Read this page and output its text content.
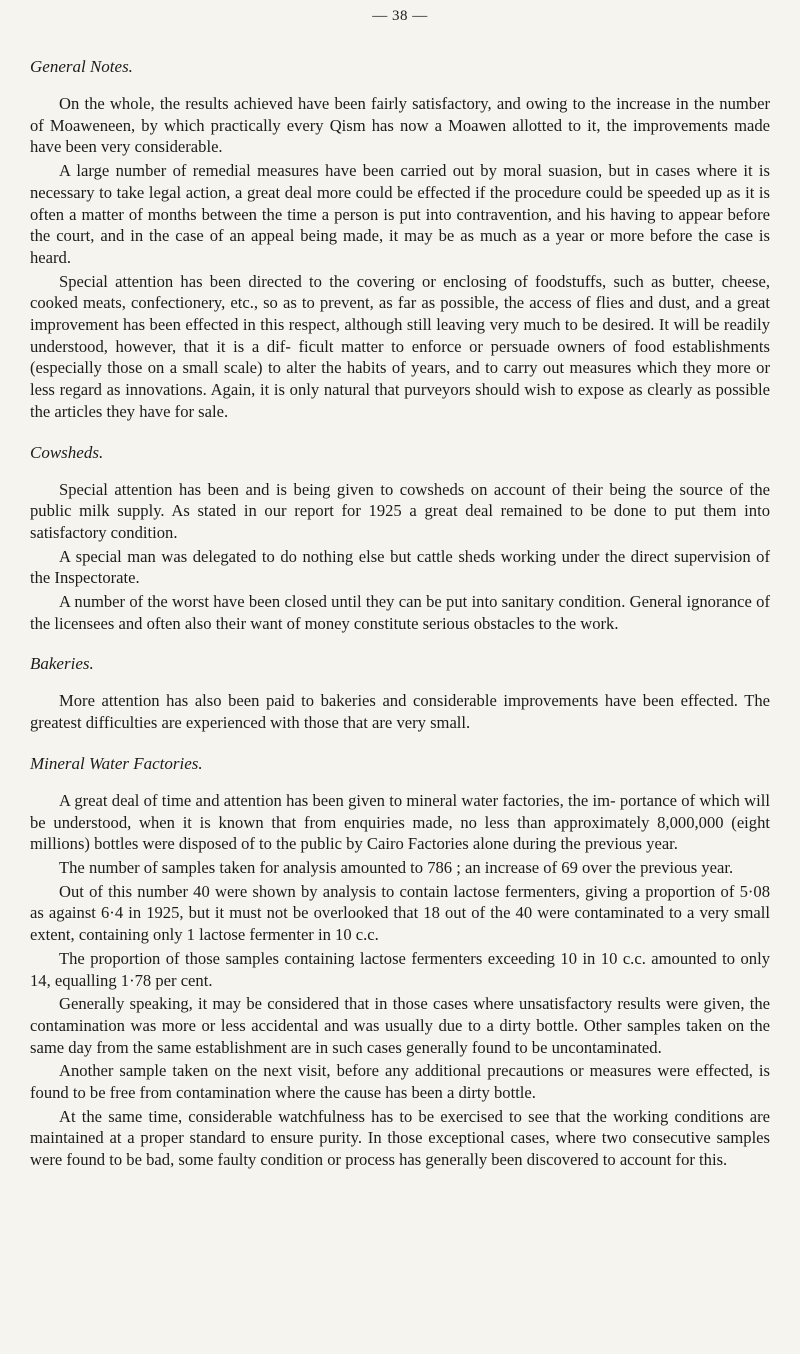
— 38 —
General Notes.

On the whole, the results achieved have been fairly satisfactory, and owing to the increase in the number of Moaweneen, by which practically every Qism has now a Moawen allotted to it, the improvements made have been very considerable.

A large number of remedial measures have been carried out by moral suasion, but in cases where it is necessary to take legal action, a great deal more could be effected if the procedure could be speeded up as it is often a matter of months between the time a person is put into contravention, and his having to appear before the court, and in the case of an appeal being made, it may be as much as a year or more before the case is heard.

Special attention has been directed to the covering or enclosing of foodstuffs, such as butter, cheese, cooked meats, confectionery, etc., so as to prevent, as far as possible, the access of flies and dust, and a great improvement has been effected in this respect, although still leaving very much to be desired. It will be readily understood, however, that it is a dif- ficult matter to enforce or persuade owners of food establishments (especially those on a small scale) to alter the habits of years, and to carry out measures which they more or less regard as innovations. Again, it is only natural that purveyors should wish to expose as clearly as possible the articles they have for sale.

Cowsheds.

Special attention has been and is being given to cowsheds on account of their being the source of the public milk supply. As stated in our report for 1925 a great deal remained to be done to put them into satisfactory condition.

A special man was delegated to do nothing else but cattle sheds working under the direct supervision of the Inspectorate.

A number of the worst have been closed until they can be put into sanitary condition. General ignorance of the licensees and often also their want of money constitute serious obstacles to the work.

Bakeries.

More attention has also been paid to bakeries and considerable improvements have been effected. The greatest difficulties are experienced with those that are very small.

Mineral Water Factories.

A great deal of time and attention has been given to mineral water factories, the im- portance of which will be understood, when it is known that from enquiries made, no less than approximately 8,000,000 (eight millions) bottles were disposed of to the public by Cairo Factories alone during the previous year.

The number of samples taken for analysis amounted to 786 ; an increase of 69 over the previous year.

Out of this number 40 were shown by analysis to contain lactose fermenters, giving a proportion of 5·08 as against 6·4 in 1925, but it must not be overlooked that 18 out of the 40 were contaminated to a very small extent, containing only 1 lactose fermenter in 10 c.c.

The proportion of those samples containing lactose fermenters exceeding 10 in 10 c.c. amounted to only 14, equalling 1·78 per cent.

Generally speaking, it may be considered that in those cases where unsatisfactory results were given, the contamination was more or less accidental and was usually due to a dirty bottle. Other samples taken on the same day from the same establishment are in such cases generally found to be uncontaminated.

Another sample taken on the next visit, before any additional precautions or measures were effected, is found to be free from contamination where the cause has been a dirty bottle.

At the same time, considerable watchfulness has to be exercised to see that the working conditions are maintained at a proper standard to ensure purity. In those exceptional cases, where two consecutive samples were found to be bad, some faulty condition or process has generally been discovered to account for this.
